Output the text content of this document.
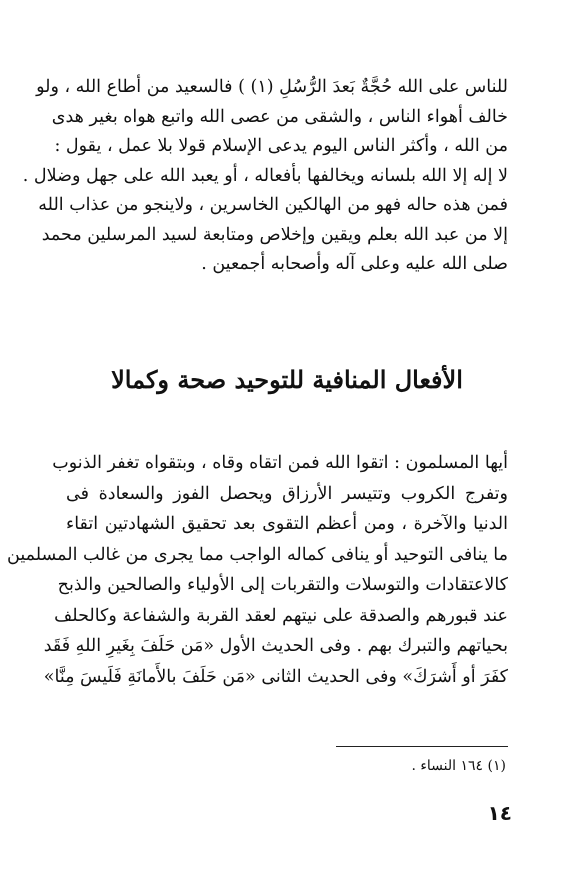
للناس على الله حُجَّةٌ بَعدَ الرُّسُلِ (١) ) فالسعيد من أطاع الله ، ولو
خالف أهواء الناس ، والشقى من عصى الله واتبع هواه بغير هدى
من الله ، وأكثر الناس اليوم يدعى الإسلام قولا بلا عمل ، يقول :
لا إله إلا الله بلسانه ويخالفها بأفعاله ، أو يعبد الله على جهل وضلال .
فمن هذه حاله فهو من الهالكين الخاسرين ، ولاينجو من عذاب الله
إلا من عبد الله بعلم ويقين وإخلاص ومتابعة لسيد المرسلين محمد
صلى الله عليه وعلى آله وأصحابه أجمعين .
الأفعال المنافية للتوحيد صحة وكمالا
أيها المسلمون : اتقوا الله فمن اتقاه وقاه ، وبتقواه تغفر الذنوب
وتفرج الكروب وتتيسر الأرزاق ويحصل الفوز والسعادة فى
الدنيا والآخرة ، ومن أعظم التقوى بعد تحقيق الشهادتين اتقاء
ما ينافى التوحيد أو ينافى كماله الواجب مما يجرى من غالب المسلمين
كالاعتقادات والتوسلات والتقربات إلى الأولياء والصالحين والذبح
عند قبورهم والصدقة على نيتهم لعقد القربة والشفاعة وكالحلف
بحياتهم والتبرك بهم . وفى الحديث الأول «مَن حَلَفَ بِغَيرِ اللهِ فَقَد
كفَرَ أو أَشرَكَ» وفى الحديث الثانى «مَن حَلَفَ بالأَمانَةِ فَلَيسَ مِنَّا»
(١) ١٦٤ النساء .
١٤
